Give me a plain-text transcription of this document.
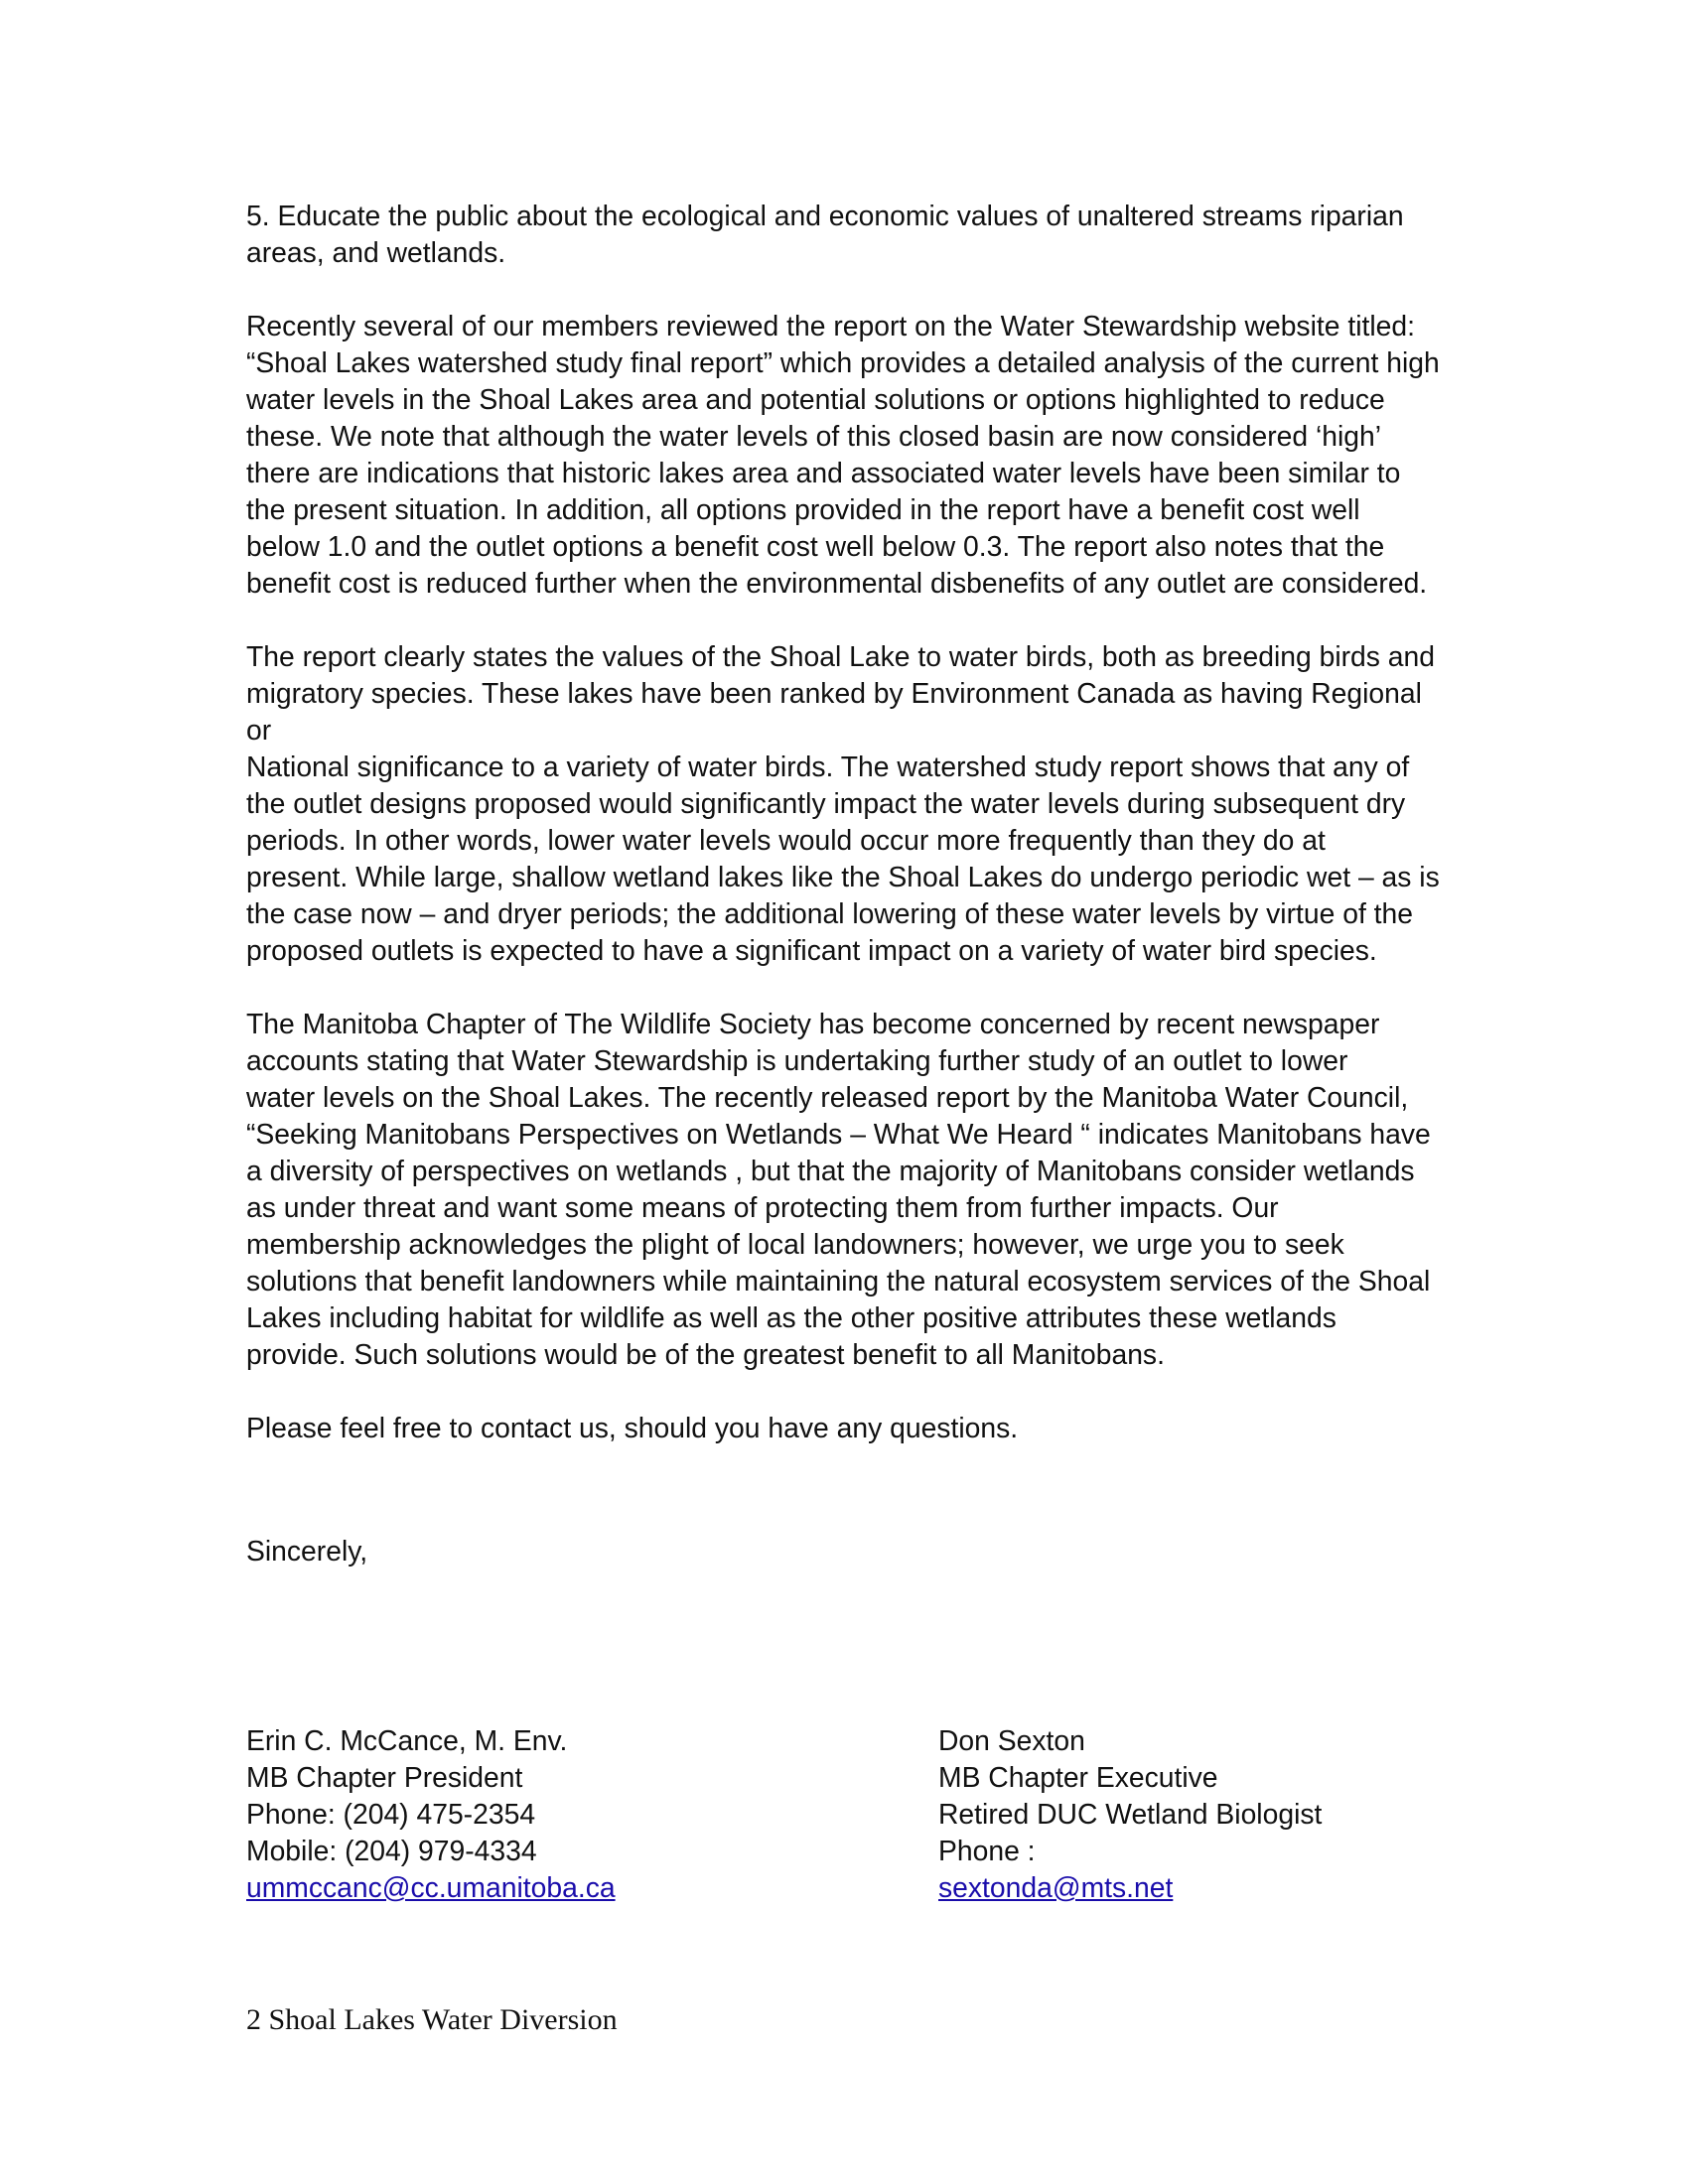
5. Educate the public about the ecological and economic values of unaltered streams riparian
areas, and wetlands.

Recently several of our members reviewed the report on the Water Stewardship website titled:
“Shoal Lakes watershed study final report” which provides a detailed analysis of the current high
water levels in the Shoal Lakes area and potential solutions or options highlighted to reduce
these. We note that although the water levels of this closed basin are now considered ‘high’
there are indications that historic lakes area and associated water levels have been similar to
the present situation. In addition, all options provided in the report have a benefit cost well
below 1.0 and the outlet options a benefit cost well below 0.3. The report also notes that the
benefit cost is reduced further when the environmental disbenefits of any outlet are considered.

The report clearly states the values of the Shoal Lake to water birds, both as breeding birds and
migratory species. These lakes have been ranked by Environment Canada as having Regional or
National significance to a variety of water birds. The watershed study report shows that any of
the outlet designs proposed would significantly impact the water levels during subsequent dry
periods. In other words, lower water levels would occur more frequently than they do at
present. While large, shallow wetland lakes like the Shoal Lakes do undergo periodic wet – as is
the case now – and dryer periods; the additional lowering of these water levels by virtue of the
proposed outlets is expected to have a significant impact on a variety of water bird species.

The Manitoba Chapter of The Wildlife Society has become concerned by recent newspaper
accounts stating that Water Stewardship is undertaking further study of an outlet to lower
water levels on the Shoal Lakes. The recently released report by the Manitoba Water Council,
“Seeking Manitobans Perspectives on Wetlands – What We Heard “ indicates Manitobans have
a diversity of perspectives on wetlands , but that the majority of Manitobans consider wetlands
as under threat and want some means of protecting them from further impacts. Our
membership acknowledges the plight of local landowners; however, we urge you to seek
solutions that benefit landowners while maintaining the natural ecosystem services of the Shoal
Lakes including habitat for wildlife as well as the other positive attributes these wetlands
provide. Such solutions would be of the greatest benefit to all Manitobans.

Please feel free to contact us, should you have any questions.

Sincerely,

Erin C. McCance, M. Env.
MB Chapter President
Phone: (204) 475-2354
Mobile: (204) 979-4334
ummccanc@cc.umanitoba.ca
Don Sexton
MB Chapter Executive
Retired DUC Wetland Biologist
Phone :
sextonda@mts.net
2 Shoal Lakes Water Diversion
